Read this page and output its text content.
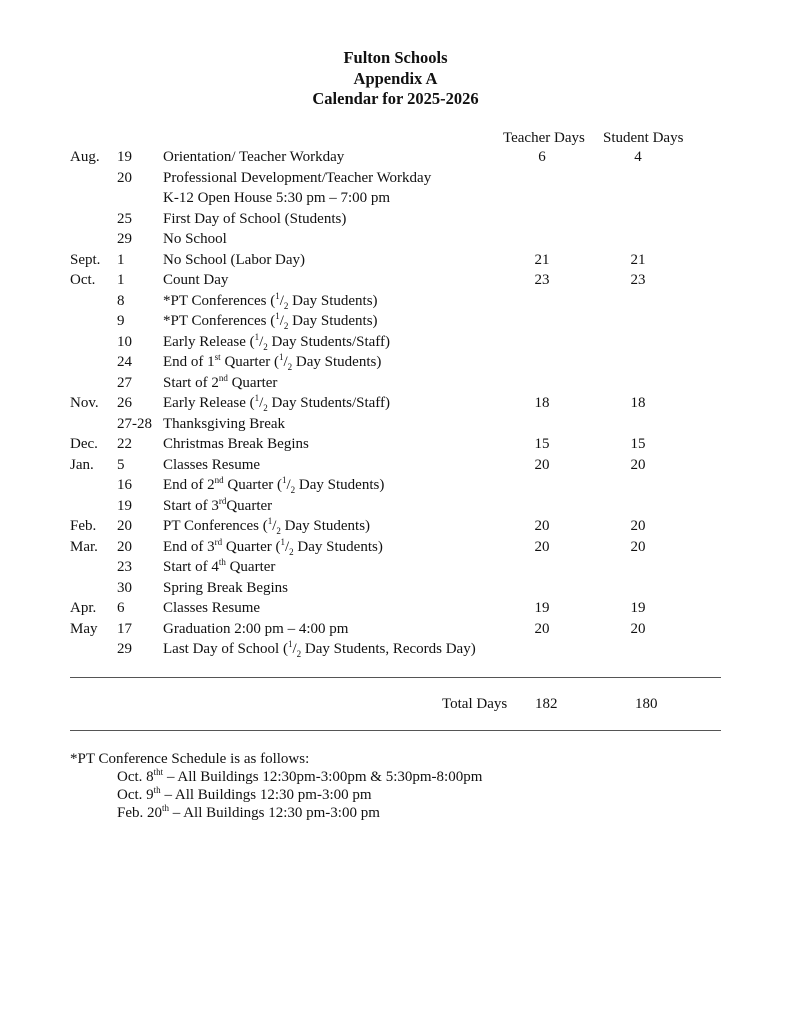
Fulton Schools
Appendix A
Calendar for 2025-2026
Teacher Days Student Days
Aug. 19 Orientation/ Teacher Workday	6	4
20 Professional Development/Teacher Workday
K-12 Open House 5:30 pm – 7:00 pm
25 First Day of School (Students)
29 No School
Sept. 1	No School (Labor Day)	21	21
Oct. 1	Count Day	23	23
8	*PT Conferences ($^1/_2$ Day Students)
9	*PT Conferences ($^1/_2$ Day Students)
10 Early Release ($^1/_2$ Day Students/Staff)
24 End of 1st Quarter ($^1/_2$ Day Students)
27 Start of 2nd Quarter
Nov. 26 Early Release ($^1/_2$ Day Students/Staff)	18	18
27-28 Thanksgiving Break
Dec. 22 Christmas Break Begins	15	15
Jan. 5	Classes Resume	20	20
16 End of 2nd Quarter ($^1/_2$ Day Students)
19 Start of 3rdQuarter
Feb. 20 PT Conferences ($^1/_2$ Day Students)	20	20
Mar. 20 End of 3rd Quarter ($^1/_2$ Day Students)	20	20
23 Start of 4th Quarter
30 Spring Break Begins
Apr. 6	Classes Resume	19	19
May 17 Graduation 2:00 pm – 4:00 pm	20	20
29 Last Day of School ($^1/_2$ Day Students, Records Day)
Total Days 182	180
*PT Conference Schedule is as follows:
Oct. $8^{tht}$ – All Buildings 12:30pm-3:00pm & 5:30pm-8:00pm
Oct. 9th – All Buildings 12:30 pm-3:00 pm
Feb. 20th – All Buildings 12:30 pm-3:00 pm
